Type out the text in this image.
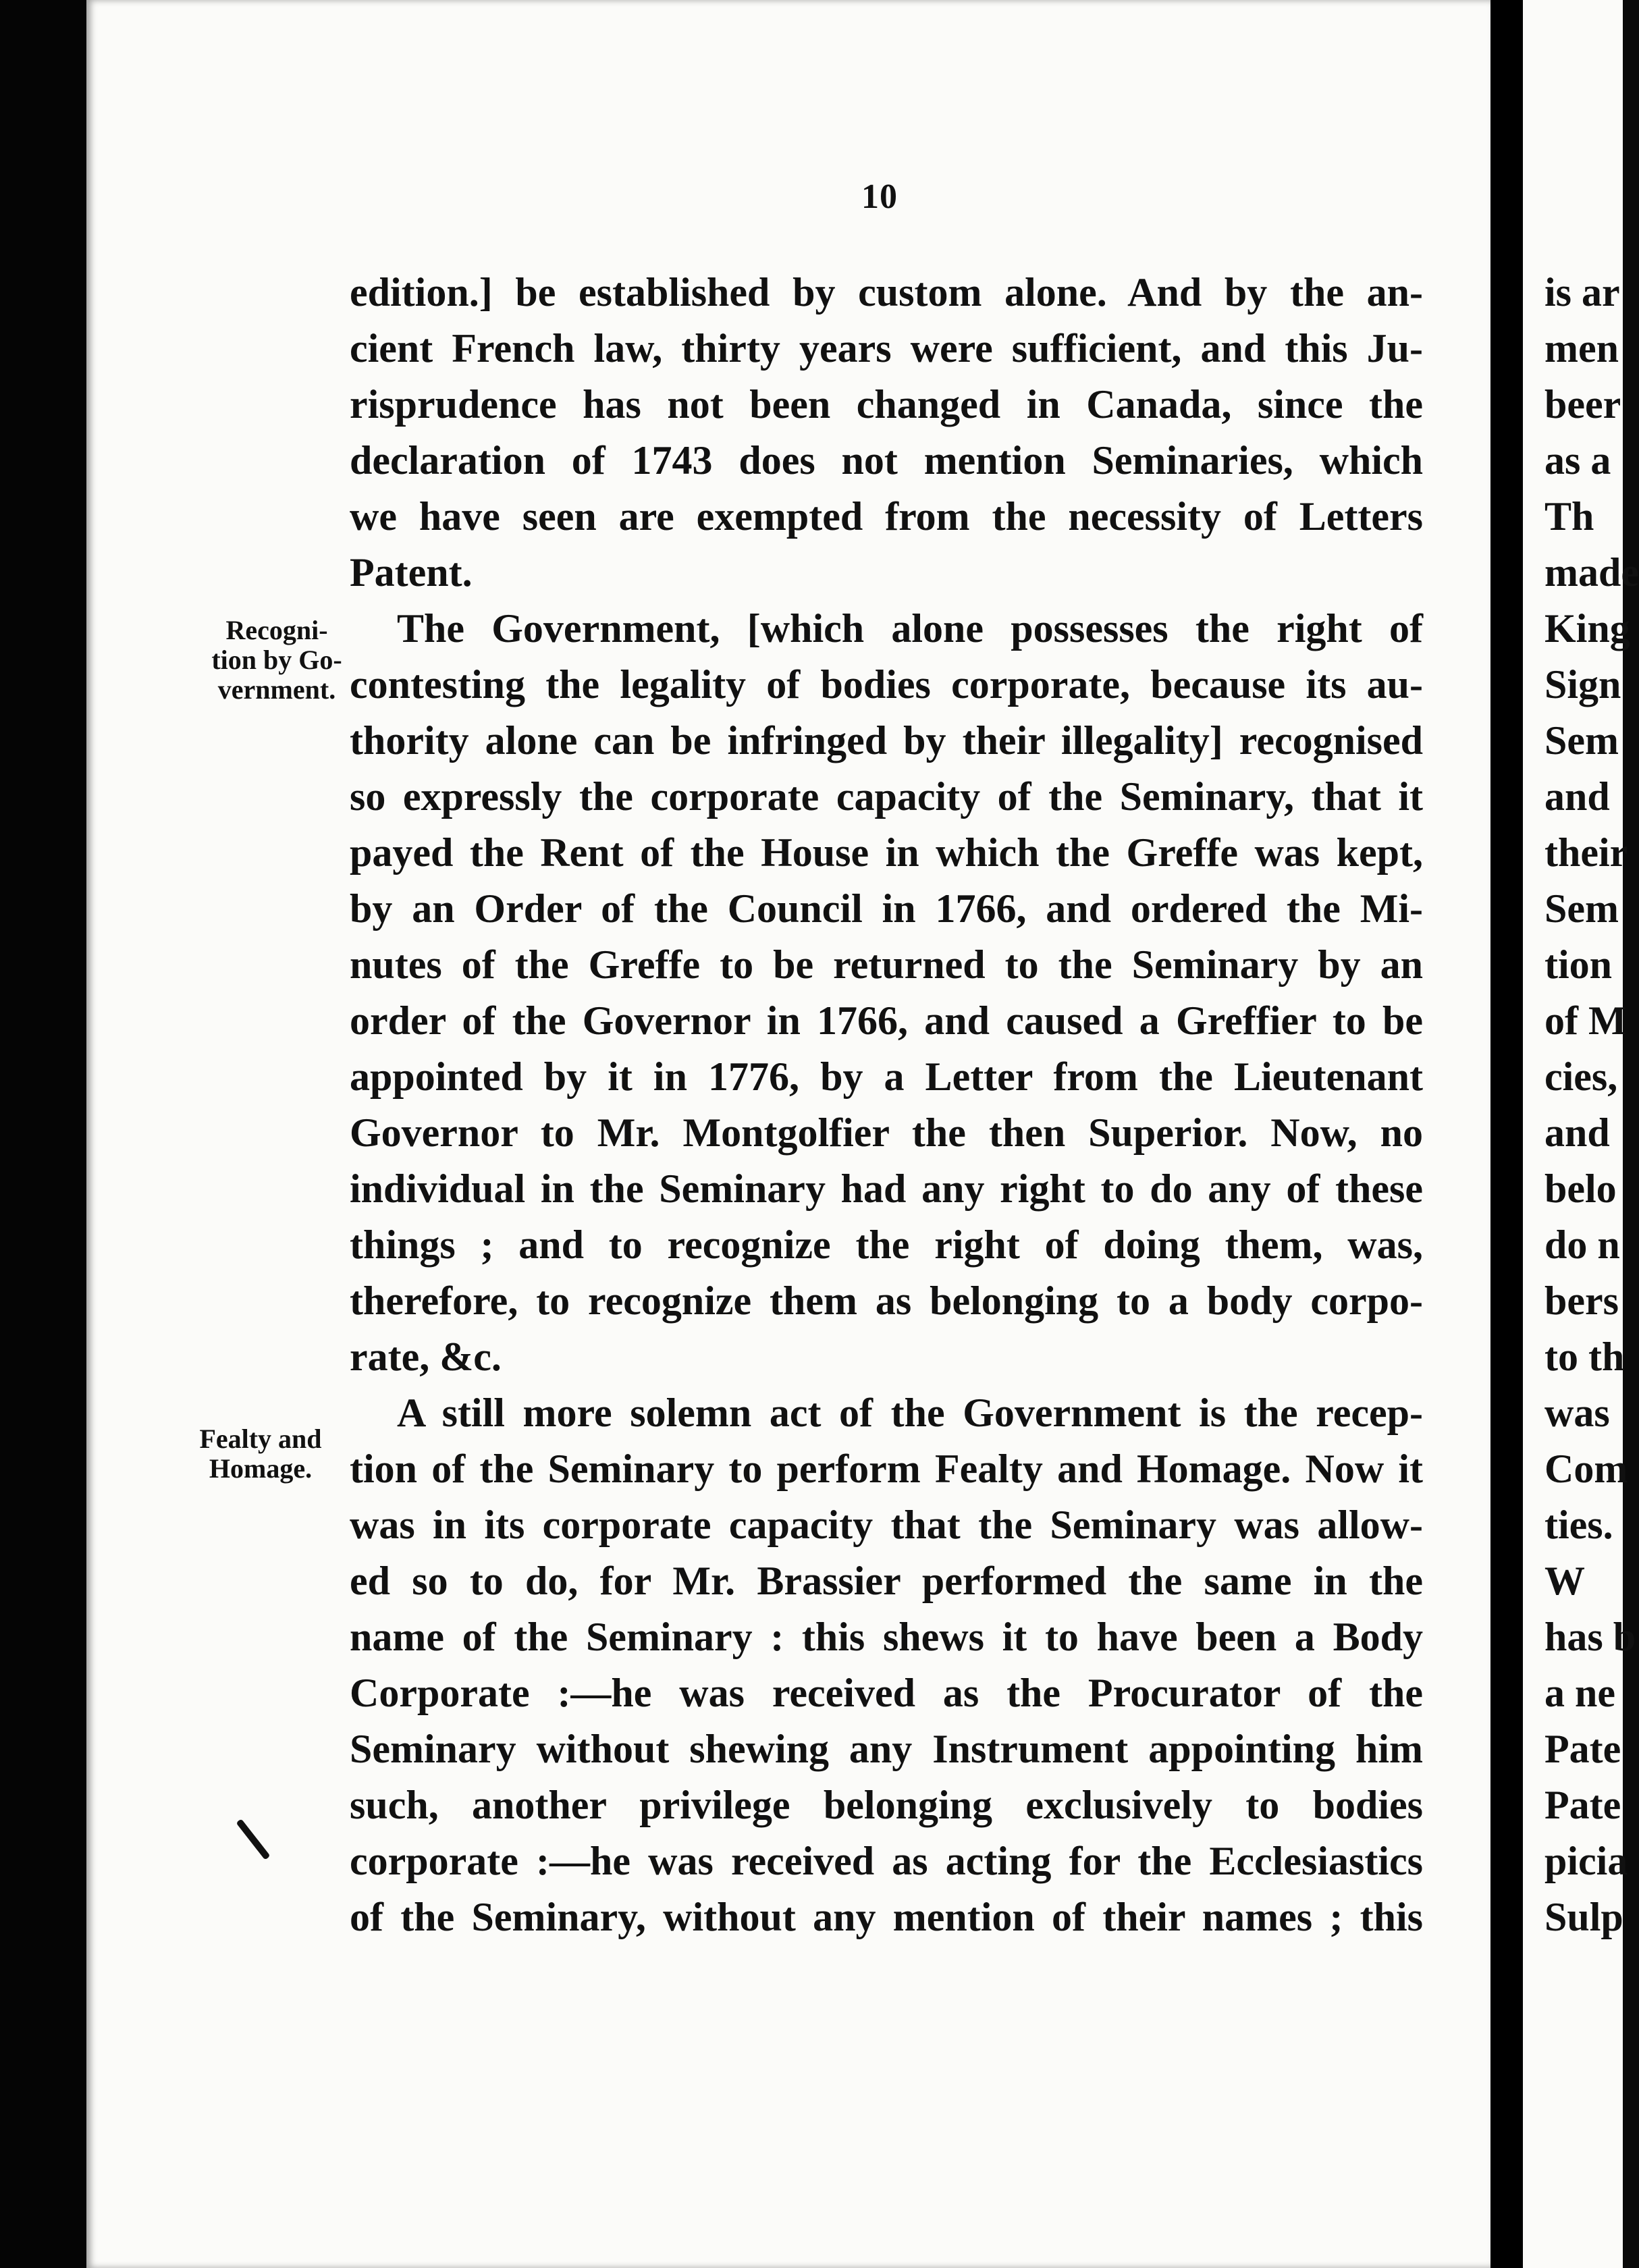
10
edition.] be established by custom alone. And by the an-
cient French law, thirty years were sufficient, and this Ju-
risprudence has not been changed in Canada, since the
declaration of 1743 does not mention Seminaries, which
we have seen are exempted from the necessity of Letters
Patent.
The Government, [which alone possesses the right of
contesting the legality of bodies corporate, because its au-
thority alone can be infringed by their illegality] recognised
so expressly the corporate capacity of the Seminary, that it
payed the Rent of the House in which the Greffe was kept,
by an Order of the Council in 1766, and ordered the Mi-
nutes of the Greffe to be returned to the Seminary by an
order of the Governor in 1766, and caused a Greffier to be
appointed by it in 1776, by a Letter from the Lieutenant
Governor to Mr. Montgolfier the then Superior. Now, no
individual in the Seminary had any right to do any of these
things ; and to recognize the right of doing them, was,
therefore, to recognize them as belonging to a body corpo-
rate, &c.
A still more solemn act of the Government is the recep-
tion of the Seminary to perform Fealty and Homage. Now it
was in its corporate capacity that the Seminary was allow-
ed so to do, for Mr. Brassier performed the same in the
name of the Seminary : this shews it to have been a Body
Corporate :—he was received as the Procurator of the
Seminary without shewing any Instrument appointing him
such, another privilege belonging exclusively to bodies
corporate :—he was received as acting for the Ecclesiastics
of the Seminary, without any mention of their names ; this
Recogni-
tion by Go-
vernment.
Fealty and
Homage.
is ar
men
beer
as a
Th
made
King
Sign
Sem
and
their
Sem
tion
of M
cies,
and
belo
do n
bers
to th
was
Com
ties.
W
has b
a ne
Pate
Pate
picia
Sulp
